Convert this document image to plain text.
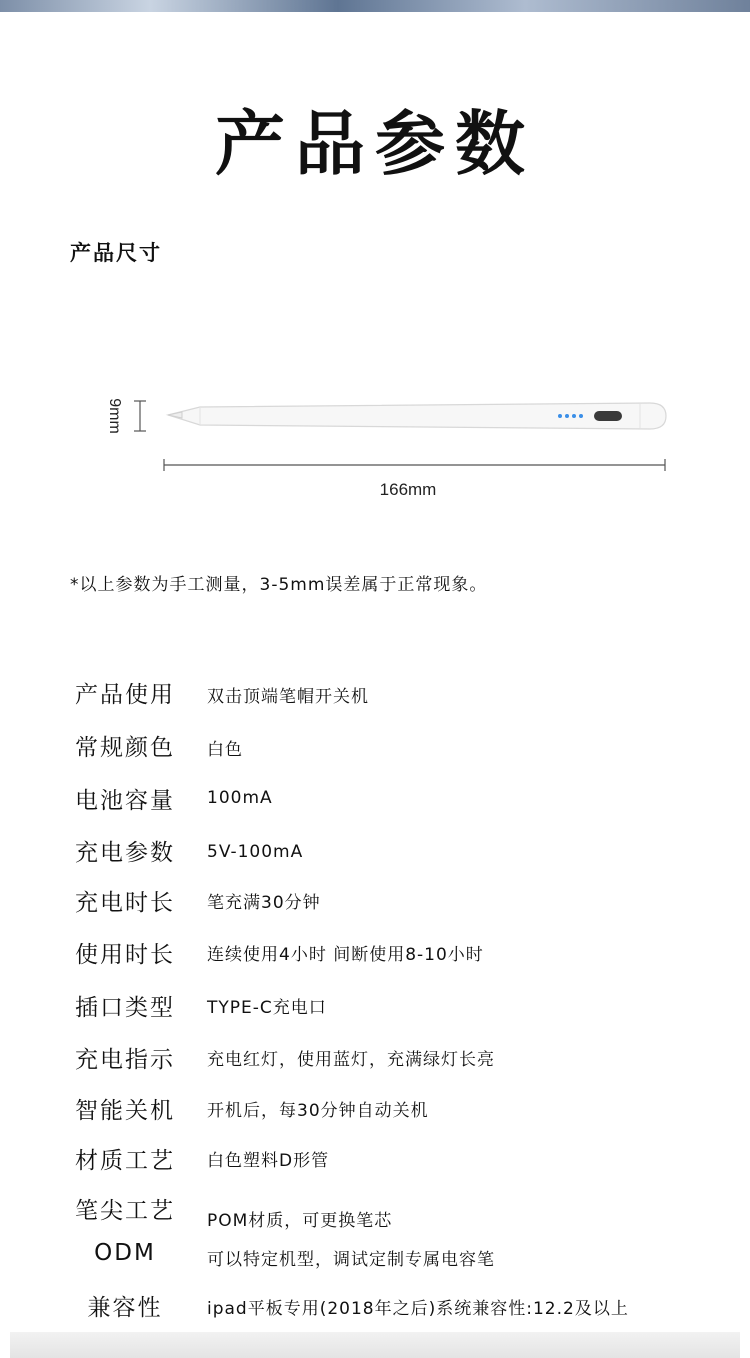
产品参数
产品尺寸
9mm
166mm
*以上参数为手工测量，3-5mm误差属于正常现象。
产品使用	双击顶端笔帽开关机
常规颜色	白色
电池容量	100mA
充电参数	5V-100mA
充电时长	笔充满30分钟
使用时长	连续使用4小时 间断使用8-10小时
插口类型	TYPE-C充电口
充电指示	充电红灯，使用蓝灯，充满绿灯长亮
智能关机	开机后，每30分钟自动关机
材质工艺	白色塑料D形管
笔尖工艺	POM材质，可更换笔芯
ODM	可以特定机型，调试定制专属电容笔
兼容性	ipad平板专用(2018年之后)系统兼容性:12.2及以上
